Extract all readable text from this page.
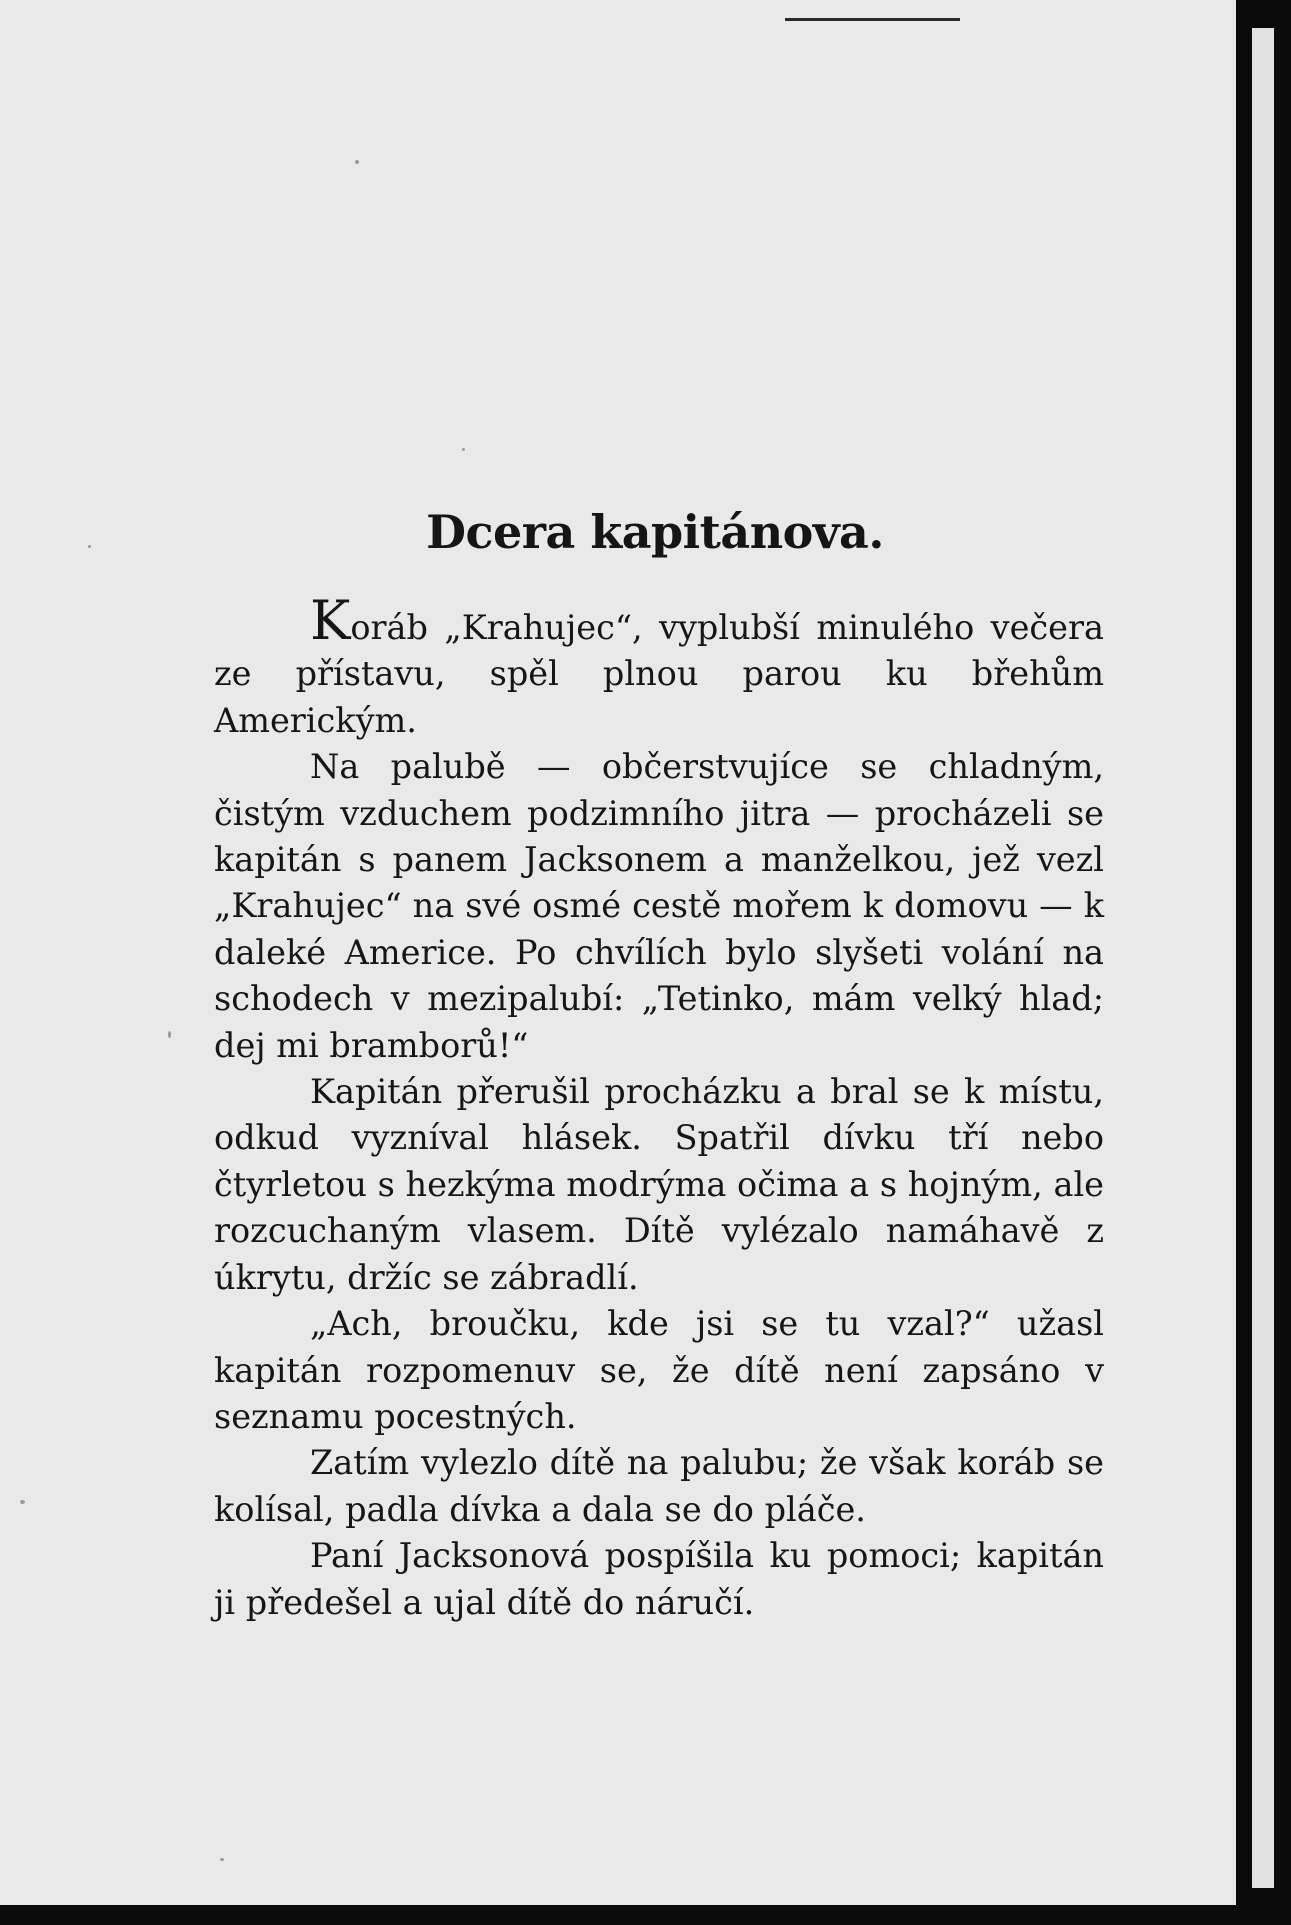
Dcera kapitánova.

Koráb „Krahujec“, vyplubší minulého večera ze přístavu, spěl plnou parou ku břehům Americkým.

Na palubě — občerstvujíce se chladným, čistým vzduchem podzimního jitra — procházeli se kapitán s panem Jacksonem a manželkou, jež vezl „Krahujec“ na své osmé cestě mořem k domovu — k daleké Americe. Po chvílích bylo slyšeti volání na schodech v mezipalubí: „Tetinko, mám velký hlad; dej mi bramborů!“

Kapitán přerušil procházku a bral se k místu, odkud vyzníval hlásek. Spatřil dívku tří nebo čtyrletou s hezkýma modrýma očima a s hojným, ale rozcuchaným vlasem. Dítě vylézalo namáhavě z úkrytu, držíc se zábradlí.

„Ach, broučku, kde jsi se tu vzal?“ užasl kapitán rozpomenuv se, že dítě není zapsáno v seznamu pocestných.

Zatím vylezlo dítě na palubu; že však koráb se kolísal, padla dívka a dala se do pláče.

Paní Jacksonová pospíšila ku pomoci; kapitán ji předešel a ujal dítě do náručí.
